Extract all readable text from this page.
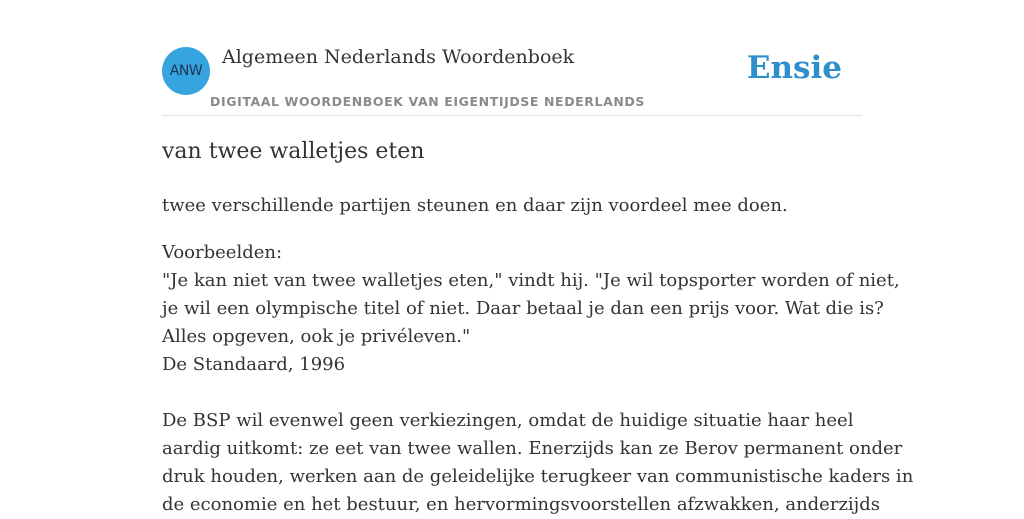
ANW
Algemeen Nederlands Woordenboek
DIGITAAL WOORDENBOEK VAN EIGENTIJDSE NEDERLANDS
Ensie
van twee walletjes eten
twee verschillende partijen steunen en daar zijn voordeel mee doen.
Voorbeelden:
"Je kan niet van twee walletjes eten," vindt hij. "Je wil topsporter worden of niet,
je wil een olympische titel of niet. Daar betaal je dan een prijs voor. Wat die is?
Alles opgeven, ook je privéleven."
De Standaard, 1996
De BSP wil evenwel geen verkiezingen, omdat de huidige situatie haar heel
aardig uitkomt: ze eet van twee wallen. Enerzijds kan ze Berov permanent onder
druk houden, werken aan de geleidelijke terugkeer van communistische kaders in
de economie en het bestuur, en hervormingsvoorstellen afzwakken, anderzijds
